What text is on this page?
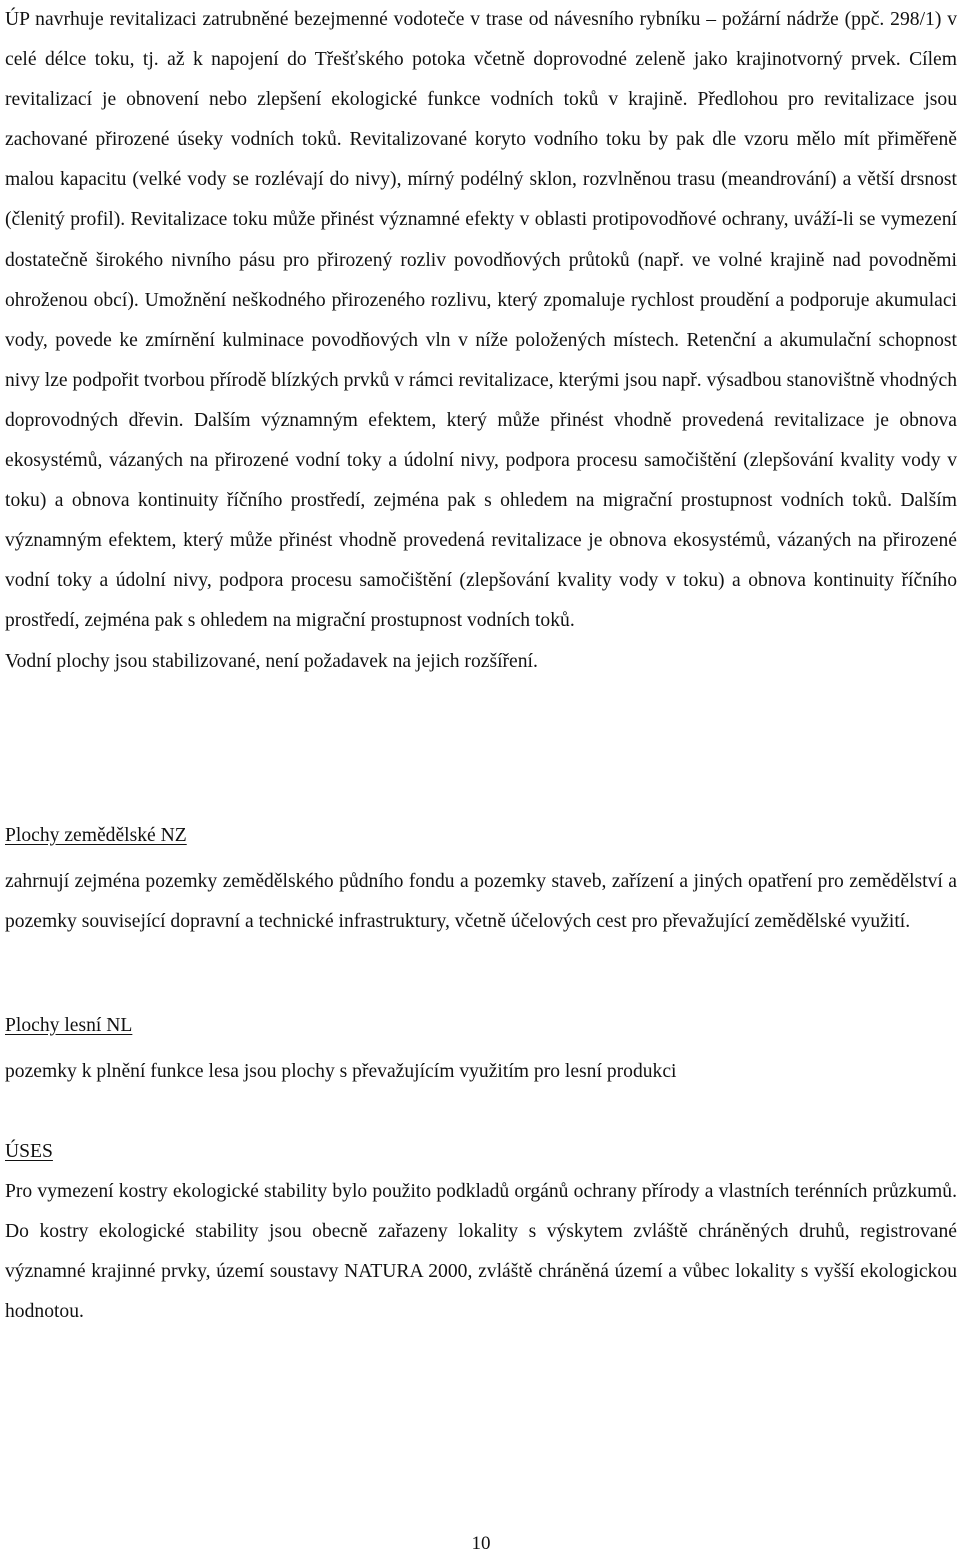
ÚP navrhuje revitalizaci zatrubněné bezejmenné vodoteče v trase od návesního rybníku – požární nádrže (ppč. 298/1) v celé délce toku, tj. až k napojení do Třešťského potoka včetně doprovodné zeleně jako krajinotvorný prvek. Cílem revitalizací je obnovení nebo zlepšení ekologické funkce vodních toků v krajině. Předlohou pro revitalizace jsou zachované přirozené úseky vodních toků. Revitalizované koryto vodního toku by pak dle vzoru mělo mít přiměřeně malou kapacitu (velké vody se rozlévají do nivy), mírný podélný sklon, rozvlněnou trasu (meandrování) a větší drsnost (členitý profil). Revitalizace toku může přinést významné efekty v oblasti protipovodňové ochrany, uváží-li se vymezení dostatečně širokého nivního pásu pro přirozený rozliv povodňových průtoků (např. ve volné krajině nad povodněmi ohroženou obcí). Umožnění neškodného přirozeného rozlivu, který zpomaluje rychlost proudění a podporuje akumulaci vody, povede ke zmírnění kulminace povodňových vln v níže položených místech. Retenční a akumulační schopnost nivy lze podpořit tvorbou přírodě blízkých prvků v rámci revitalizace, kterými jsou např. výsadbou stanovištně vhodných doprovodných dřevin. Dalším významným efektem, který může přinést vhodně provedená revitalizace je obnova ekosystémů, vázaných na přirozené vodní toky a údolní nivy, podpora procesu samočištění (zlepšování kvality vody v toku) a obnova kontinuity říčního prostředí, zejména pak s ohledem na migrační prostupnost vodních toků. Dalším významným efektem, který může přinést vhodně provedená revitalizace je obnova ekosystémů, vázaných na přirozené vodní toky a údolní nivy, podpora procesu samočištění (zlepšování kvality vody v toku) a obnova kontinuity říčního prostředí, zejména pak s ohledem na migrační prostupnost vodních toků.

Vodní plochy jsou stabilizované, není požadavek na jejich rozšíření.

Plochy zemědělské NZ

zahrnují zejména pozemky zemědělského půdního fondu a pozemky staveb, zařízení a jiných opatření pro zemědělství a pozemky související dopravní a technické infrastruktury, včetně účelových cest pro převažující zemědělské využití.

Plochy lesní NL

pozemky k plnění funkce lesa jsou plochy s převažujícím využitím pro lesní produkci

ÚSES

Pro vymezení kostry ekologické stability bylo použito podkladů orgánů ochrany přírody a vlastních terénních průzkumů. Do kostry ekologické stability jsou obecně zařazeny lokality s výskytem zvláště chráněných druhů, registrované významné krajinné prvky, území soustavy NATURA 2000, zvláště chráněná území a vůbec lokality s vyšší ekologickou hodnotou.

10
